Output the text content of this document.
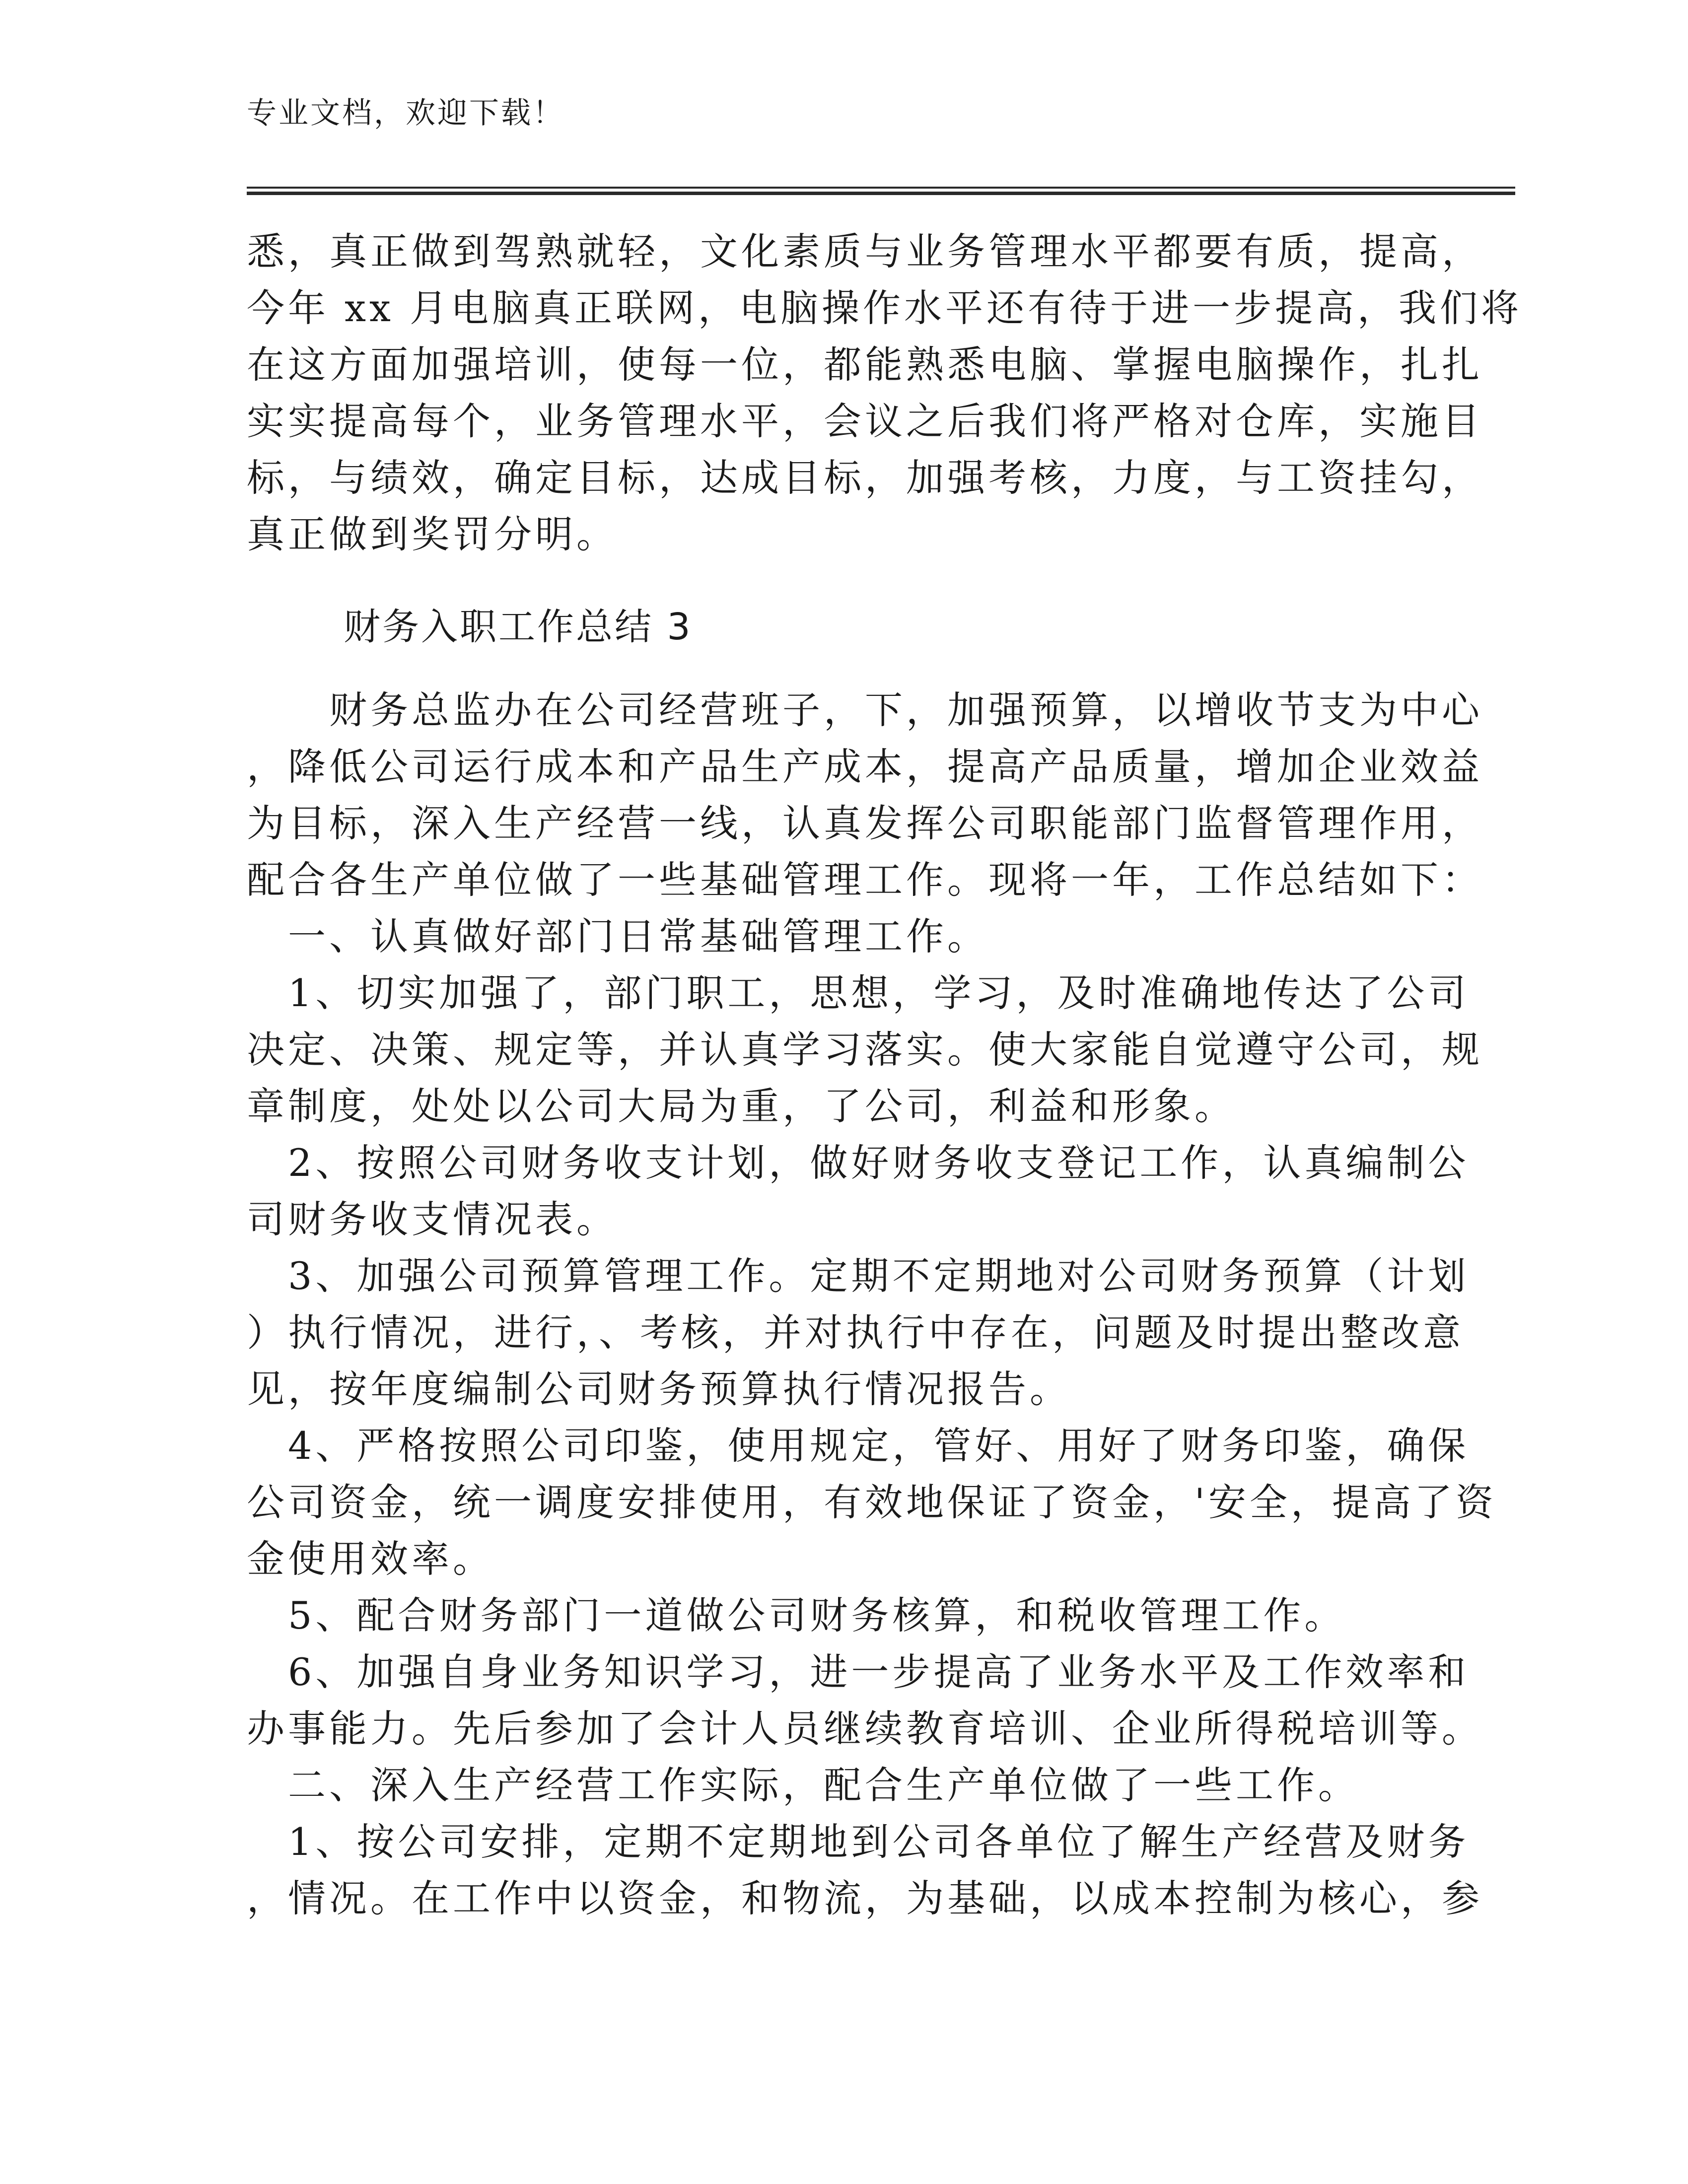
专业文档，欢迎下载！
悉，真正做到驾熟就轻，文化素质与业务管理水平都要有质，提高，
今年 xx 月电脑真正联网，电脑操作水平还有待于进一步提高，我们将
在这方面加强培训，使每一位，都能熟悉电脑、掌握电脑操作，扎扎
实实提高每个，业务管理水平，会议之后我们将严格对仓库，实施目
标，与绩效，确定目标，达成目标，加强考核，力度，与工资挂勾，
真正做到奖罚分明。
财务入职工作总结 3
　　财务总监办在公司经营班子，下，加强预算，以增收节支为中心
，降低公司运行成本和产品生产成本，提高产品质量，增加企业效益
为目标，深入生产经营一线，认真发挥公司职能部门监督管理作用，
配合各生产单位做了一些基础管理工作。现将一年，工作总结如下：
　一、认真做好部门日常基础管理工作。
　1、切实加强了，部门职工，思想，学习，及时准确地传达了公司
决定、决策、规定等，并认真学习落实。使大家能自觉遵守公司，规
章制度，处处以公司大局为重，了公司，利益和形象。
　2、按照公司财务收支计划，做好财务收支登记工作，认真编制公
司财务收支情况表。
　3、加强公司预算管理工作。定期不定期地对公司财务预算（计划
）执行情况，进行，、考核，并对执行中存在，问题及时提出整改意
见，按年度编制公司财务预算执行情况报告。
　4、严格按照公司印鉴，使用规定，管好、用好了财务印鉴，确保
公司资金，统一调度安排使用，有效地保证了资金，'安全，提高了资
金使用效率。
　5、配合财务部门一道做公司财务核算，和税收管理工作。
　6、加强自身业务知识学习，进一步提高了业务水平及工作效率和
办事能力。先后参加了会计人员继续教育培训、企业所得税培训等。
　二、深入生产经营工作实际，配合生产单位做了一些工作。
　1、按公司安排，定期不定期地到公司各单位了解生产经营及财务
，情况。在工作中以资金，和物流，为基础，以成本控制为核心，参
